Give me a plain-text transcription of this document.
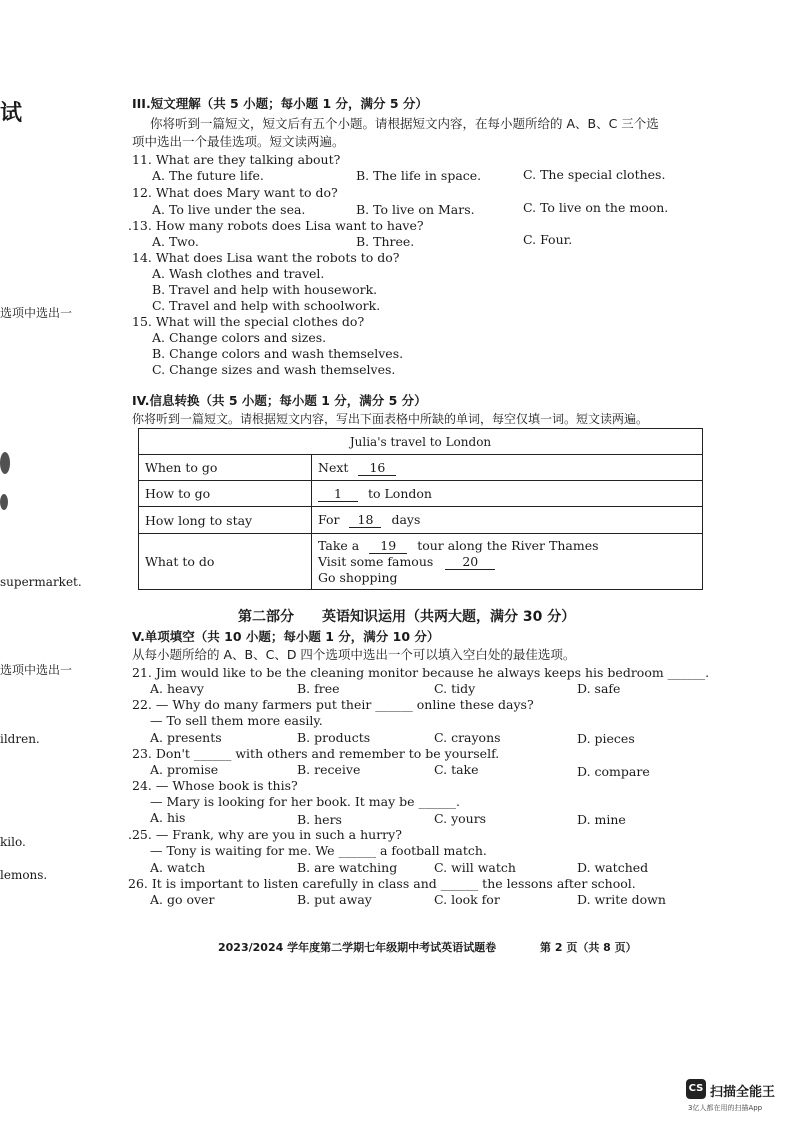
试
选项中选出一
supermarket.
选项中选出一
ildren.
kilo.
lemons.
III.短文理解（共 5 小题；每小题 1 分，满分 5 分）
你将听到一篇短文，短文后有五个小题。请根据短文内容，在每小题所给的 A、B、C 三个选
项中选出一个最佳选项。短文读两遍。
11. What are they talking about?
A. The future life.	B. The life in space.	C. The special clothes.
12. What does Mary want to do?
A. To live under the sea.	B. To live on Mars.	C. To live on the moon.
.13. How many robots does Lisa want to have?
A. Two.	B. Three.	C. Four.
14. What does Lisa want the robots to do?
A. Wash clothes and travel.
B. Travel and help with housework.
C. Travel and help with schoolwork.
15. What will the special clothes do?
A. Change colors and sizes.
B. Change colors and wash themselves.
C. Change sizes and wash themselves.
IV.信息转换（共 5 小题；每小题 1 分，满分 5 分）
你将听到一篇短文。请根据短文内容，写出下面表格中所缺的单词，每空仅填一词。短文读两遍。
Julia's travel to London	
When to go	Next 16
How to go	1 to London
How long to stay	For 18 days
What to do	Take a 19 tour along the River Thames
Visit some famous 20
Go shopping
第二部分　　英语知识运用（共两大题，满分 30 分）
V.单项填空（共 10 小题；每小题 1 分，满分 10 分）
从每小题所给的 A、B、C、D 四个选项中选出一个可以填入空白处的最佳选项。
21. Jim would like to be the cleaning monitor because he always keeps his bedroom ______.
A. heavy	B. free	C. tidy	D. safe
22. — Why do many farmers put their ______ online these days?
— To sell them more easily.
A. presents	B. products	C. crayons	D. pieces
23. Don't ______ with others and remember to be yourself.
A. promise	B. receive	C. take	D. compare
24. — Whose book is this?
— Mary is looking for her book. It may be ______.
A. his	B. hers	C. yours	D. mine
.25. — Frank, why are you in such a hurry?
— Tony is waiting for me. We ______ a football match.
A. watch	B. are watching	C. will watch	D. watched
26. It is important to listen carefully in class and ______ the lessons after school.
A. go over	B. put away	C. look for	D. write down
2023/2024 学年度第二学期七年级期中考试英语试题卷	第 2 页（共 8 页）
CS 扫描全能王
3亿人都在用的扫描App
